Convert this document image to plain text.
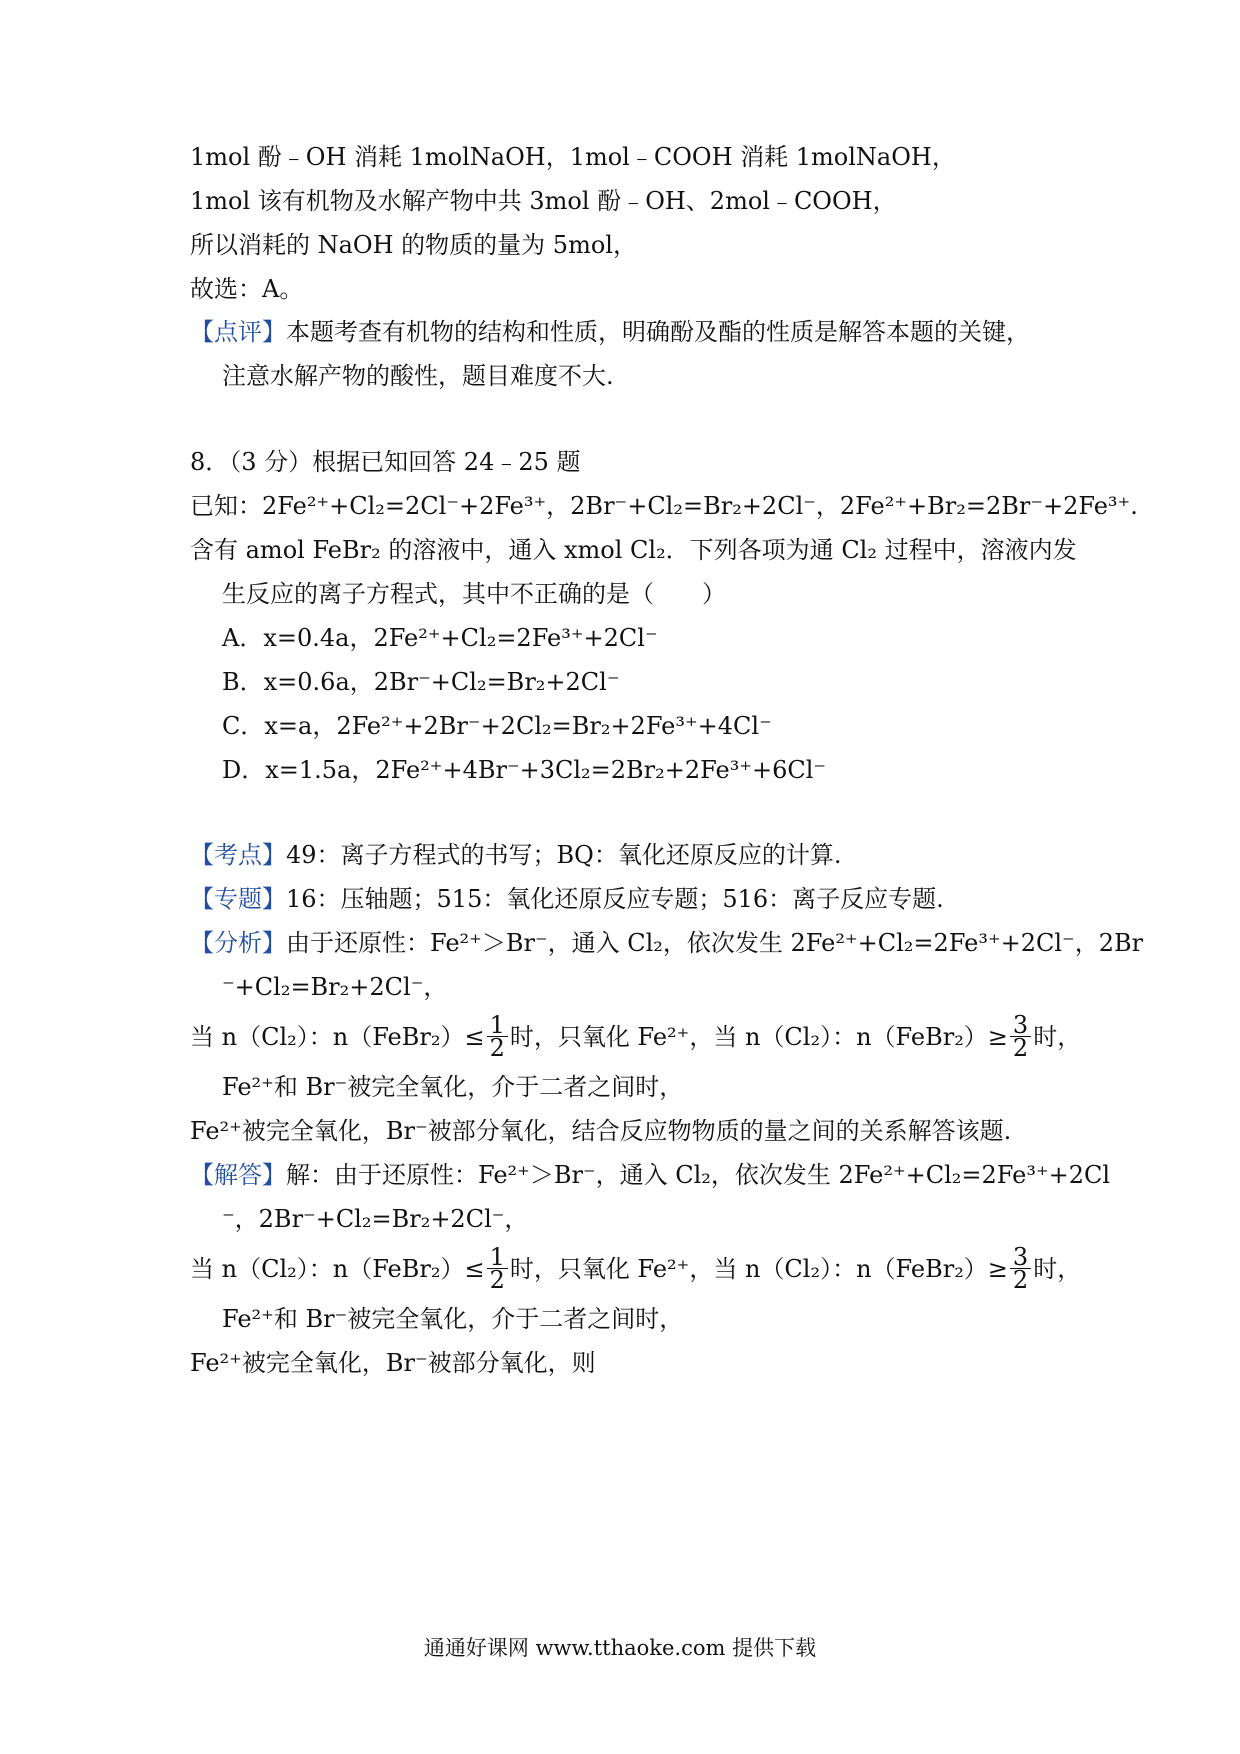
1mol 酚﹣OH 消耗 1molNaOH，1mol﹣COOH 消耗 1molNaOH，
1mol 该有机物及水解产物中共 3mol 酚﹣OH、2mol﹣COOH，
所以消耗的 NaOH 的物质的量为 5mol，
故选：A。
【点评】本题考查有机物的结构和性质，明确酚及酯的性质是解答本题的关键，
注意水解产物的酸性，题目难度不大.
8．（3 分）根据已知回答 24﹣25 题
已知：2Fe²⁺+Cl₂=2Cl⁻+2Fe³⁺，2Br⁻+Cl₂=Br₂+2Cl⁻，2Fe²⁺+Br₂=2Br⁻+2Fe³⁺.
含有 amol FeBr₂ 的溶液中，通入 xmol Cl₂．下列各项为通 Cl₂ 过程中，溶液内发
生反应的离子方程式，其中不正确的是（　　）
A．x=0.4a，2Fe²⁺+Cl₂=2Fe³⁺+2Cl⁻
B．x=0.6a，2Br⁻+Cl₂=Br₂+2Cl⁻
C．x=a，2Fe²⁺+2Br⁻+2Cl₂=Br₂+2Fe³⁺+4Cl⁻
D．x=1.5a，2Fe²⁺+4Br⁻+3Cl₂=2Br₂+2Fe³⁺+6Cl⁻
【考点】49：离子方程式的书写；BQ：氧化还原反应的计算.
【专题】16：压轴题；515：氧化还原反应专题；516：离子反应专题.
【分析】由于还原性：Fe²⁺＞Br⁻，通入 Cl₂，依次发生 2Fe²⁺+Cl₂=2Fe³⁺+2Cl⁻，2Br
⁻+Cl₂=Br₂+2Cl⁻，
当 n（Cl₂）：n（FeBr₂）≤ $\frac{1}{2}$ 时，只氧化 Fe²⁺，当 n（Cl₂）：n（FeBr₂）≥ $\frac{3}{2}$ 时，
Fe²⁺和 Br⁻被完全氧化，介于二者之间时，
Fe²⁺被完全氧化，Br⁻被部分氧化，结合反应物物质的量之间的关系解答该题.
【解答】解：由于还原性：Fe²⁺＞Br⁻，通入 Cl₂，依次发生 2Fe²⁺+Cl₂=2Fe³⁺+2Cl
⁻，2Br⁻+Cl₂=Br₂+2Cl⁻，
当 n（Cl₂）：n（FeBr₂）≤ $\frac{1}{2}$ 时，只氧化 Fe²⁺，当 n（Cl₂）：n（FeBr₂）≥ $\frac{3}{2}$ 时，
Fe²⁺和 Br⁻被完全氧化，介于二者之间时，
Fe²⁺被完全氧化，Br⁻被部分氧化，则
通通好课网 www.tthaoke.com 提供下载
